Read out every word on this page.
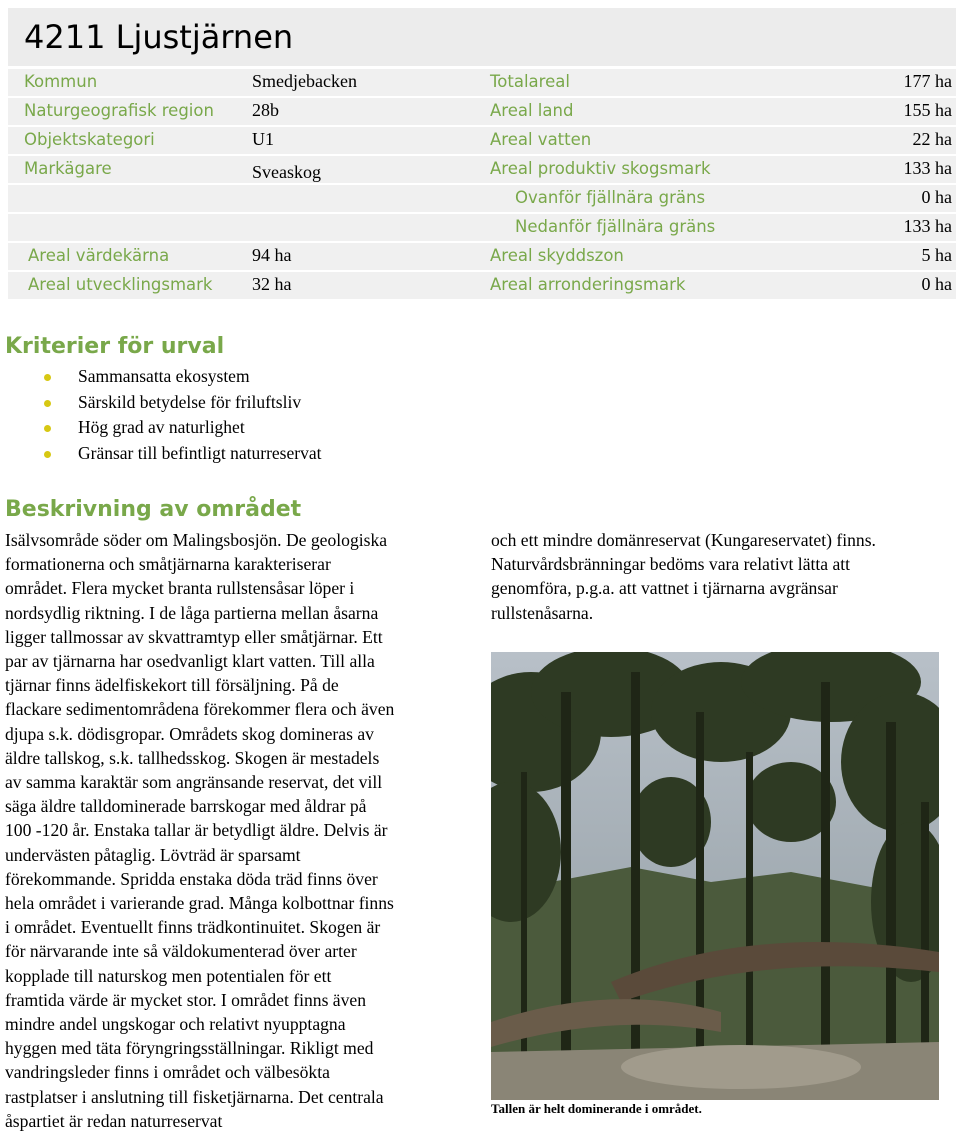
4211 Ljustjärnen
Kommun	Smedjebacken	Totalareal	177 ha
Naturgeografisk region 28b	Areal land	155 ha
Objektskategori	U1	Areal vatten	22 ha
Markägare	Sveaskog	Areal produktiv skogsmark	133 ha
Ovanför fjällnära gräns	0 ha
Nedanför fjällnära gräns	133 ha
Areal värdekärna	94 ha	Areal skyddszon	5 ha
Areal utvecklingsmark 32 ha	Areal arronderingsmark	0 ha
Kriterier för urval
Sammansatta ekosystem
Särskild betydelse för friluftsliv
Hög grad av naturlighet
Gränsar till befintligt naturreservat
Beskrivning av området
Isälvsområde söder om Malingsbosjön. De geologiska
formationerna och småtjärnarna karakteriserar
området. Flera mycket branta rullstensåsar löper i
nordsydlig riktning. I de låga partierna mellan åsarna
ligger tallmossar av skvattramtyp eller småtjärnar. Ett
par av tjärnarna har osedvanligt klart vatten. Till alla
tjärnar finns ädelfiskekort till försäljning. På de
flackare sedimentområdena förekommer flera och även
djupa s.k. dödisgropar. Områdets skog domineras av
äldre tallskog, s.k. tallhedsskog. Skogen är mestadels
av samma karaktär som angränsande reservat, det vill
säga äldre talldominerade barrskogar med åldrar på
100 -120 år. Enstaka tallar är betydligt äldre. Delvis är
undervästen påtaglig. Lövträd är sparsamt
förekommande. Spridda enstaka döda träd finns över
hela området i varierande grad. Många kolbottnar finns
i området. Eventuellt finns trädkontinuitet. Skogen är
för närvarande inte så väldokumenterad över arter
kopplade till naturskog men potentialen för ett
framtida värde är mycket stor. I området finns även
mindre andel ungskogar och relativt nyupptagna
hyggen med täta föryngringsställningar. Rikligt med
vandringsleder finns i området och välbesökta
rastplatser i anslutning till fisketjärnarna. Det centrala
åspartiet är redan naturreservat
och ett mindre domänreservat (Kungareservatet) finns.
Naturvårdsbränningar bedöms vara relativt lätta att
genomföra, p.g.a. att vattnet i tjärnarna avgränsar
rullstenåsarna.
Tallen är helt dominerande i området.
